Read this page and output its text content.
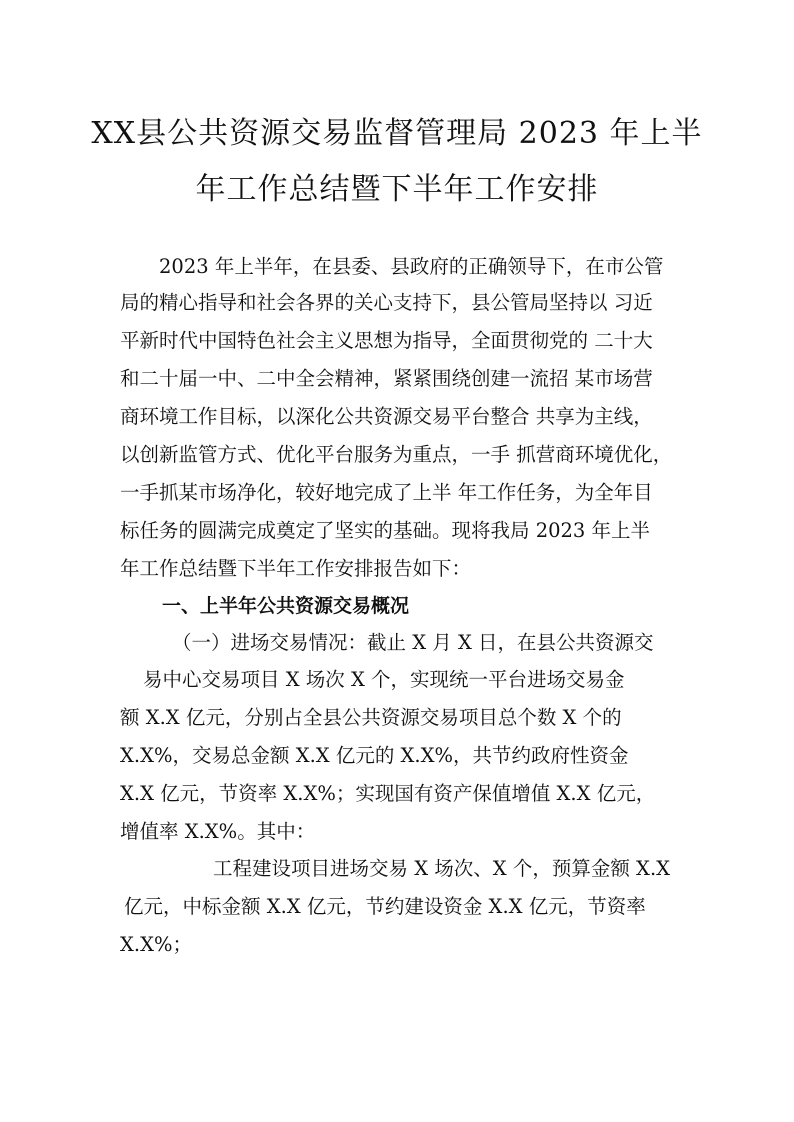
XX县公共资源交易监督管理局 2023 年上半
年工作总结暨下半年工作安排
2023 年上半年，在县委、县政府的正确领导下，在市公管
局的精心指导和社会各界的关心支持下，县公管局坚持以 习近
平新时代中国特色社会主义思想为指导，全面贯彻党的 二十大
和二十届一中、二中全会精神，紧紧围绕创建一流招 某市场营
商环境工作目标，以深化公共资源交易平台整合 共享为主线，
以创新监管方式、优化平台服务为重点，一手 抓营商环境优化，
一手抓某市场净化，较好地完成了上半 年工作任务，为全年目
标任务的圆满完成奠定了坚实的基础。现将我局 2023 年上半
年工作总结暨下半年工作安排报告如下：
一、上半年公共资源交易概况
（一）进场交易情况：截止 X 月 X 日，在县公共资源交
易中心交易项目 X 场次 X 个，实现统一平台进场交易金
额 X.X 亿元，分别占全县公共资源交易项目总个数 X 个的
X.X%，交易总金额 X.X 亿元的 X.X%，共节约政府性资金
X.X 亿元，节资率 X.X%；实现国有资产保值增值 X.X 亿元，
增值率 X.X%。其中：
工程建设项目进场交易 X 场次、X 个，预算金额 X.X
亿元，中标金额 X.X 亿元，节约建设资金 X.X 亿元，节资率
X.X%；
